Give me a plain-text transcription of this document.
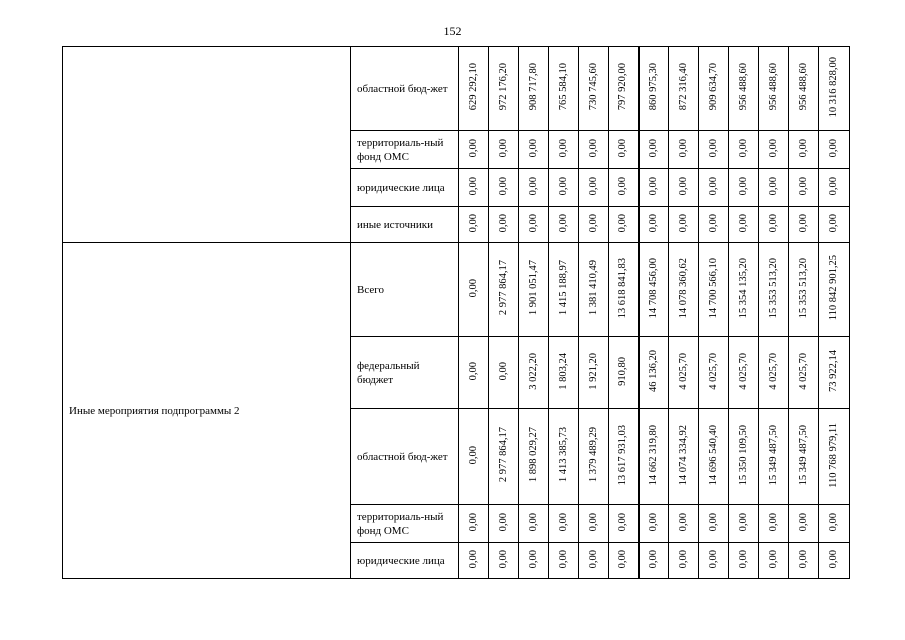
152
	областной бюд-жет	629 292,10	972 176,20	908 717,80	765 584,10	730 745,60	797 920,00	860 975,30	872 316,40	909 634,70	956 488,60	956 488,60	956 488,60	10 316 828,00
	территориаль-ный фонд ОМС	0,00	0,00	0,00	0,00	0,00	0,00	0,00	0,00	0,00	0,00	0,00	0,00	0,00
	юридические лица	0,00	0,00	0,00	0,00	0,00	0,00	0,00	0,00	0,00	0,00	0,00	0,00	0,00
	иные источники	0,00	0,00	0,00	0,00	0,00	0,00	0,00	0,00	0,00	0,00	0,00	0,00	0,00
Иные мероприятия подпрограммы 2	Всего	0,00	2 977 864,17	1 901 051,47	1 415 188,97	1 381 410,49	13 618 841,83	14 708 456,00	14 078 360,62	14 700 566,10	15 354 135,20	15 353 513,20	15 353 513,20	110 842 901,25
	федеральный бюджет	0,00	0,00	3 022,20	1 803,24	1 921,20	910,80	46 136,20	4 025,70	4 025,70	4 025,70	4 025,70	4 025,70	73 922,14
	областной бюд-жет	0,00	2 977 864,17	1 898 029,27	1 413 385,73	1 379 489,29	13 617 931,03	14 662 319,80	14 074 334,92	14 696 540,40	15 350 109,50	15 349 487,50	15 349 487,50	110 768 979,11
	территориаль-ный фонд ОМС	0,00	0,00	0,00	0,00	0,00	0,00	0,00	0,00	0,00	0,00	0,00	0,00	0,00
	юридические лица	0,00	0,00	0,00	0,00	0,00	0,00	0,00	0,00	0,00	0,00	0,00	0,00	0,00
